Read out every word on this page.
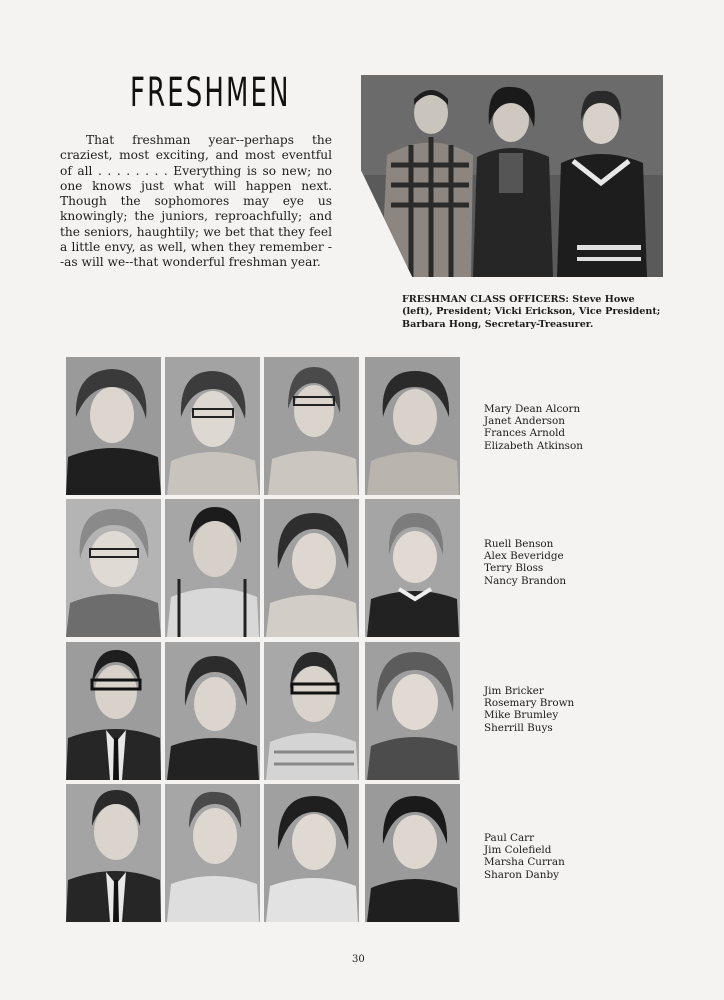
FRESHMEN

That freshman year--perhaps the craziest, most exciting, and most eventful of all . . . . . . . . Everything is so new; no one knows just what will happen next. Though the sophomores may eye us knowingly; the juniors, reproachfully; and the seniors, haughtily; we bet that they feel a little envy, as well, when they remember --as will we--that wonderful freshman year.

FRESHMAN CLASS OFFICERS: Steve Howe (left), President; Vicki Erickson, Vice President; Barbara Hong, Secretary-Treasurer.
Mary Dean Alcorn
Janet Anderson
Frances Arnold
Elizabeth Atkinson
Ruell Benson
Alex Beveridge
Terry Bloss
Nancy Brandon
Jim Bricker
Rosemary Brown
Mike Brumley
Sherrill Buys
Paul Carr
Jim Colefield
Marsha Curran
Sharon Danby
30
